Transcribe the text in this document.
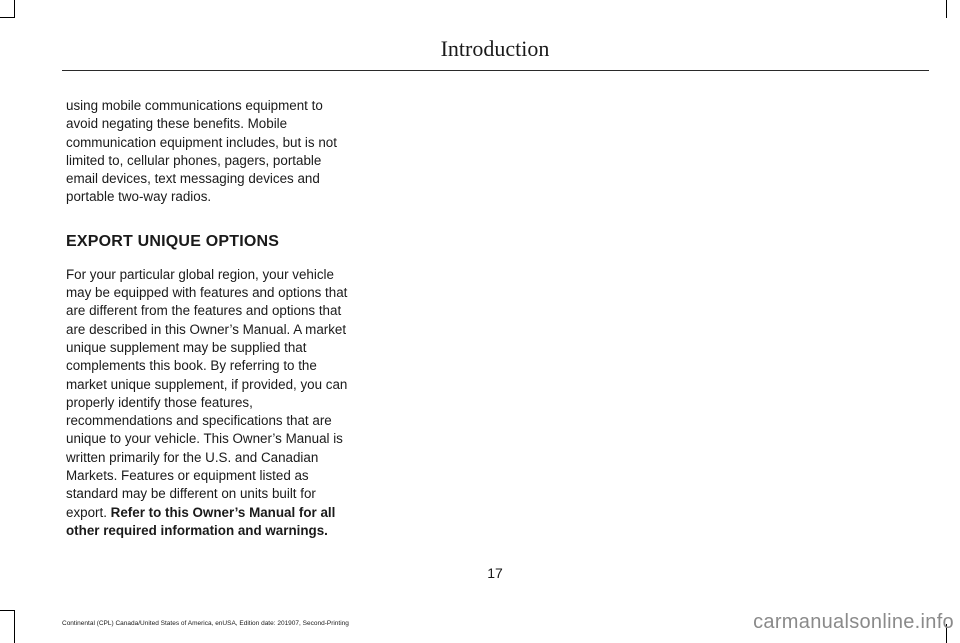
Introduction

using mobile communications equipment to avoid negating these benefits. Mobile communication equipment includes, but is not limited to, cellular phones, pagers, portable email devices, text messaging devices and portable two-way radios.

EXPORT UNIQUE OPTIONS

For your particular global region, your vehicle may be equipped with features and options that are different from the features and options that are described in this Owner’s Manual. A market unique supplement may be supplied that complements this book. By referring to the market unique supplement, if provided, you can properly identify those features, recommendations and specifications that are unique to your vehicle. This Owner’s Manual is written primarily for the U.S. and Canadian Markets. Features or equipment listed as standard may be different on units built for export. Refer to this Owner’s Manual for all other required information and warnings.

17
Continental (CPL) Canada/United States of America, enUSA, Edition date: 201907, Second-Printing	carmanualsonline.info
